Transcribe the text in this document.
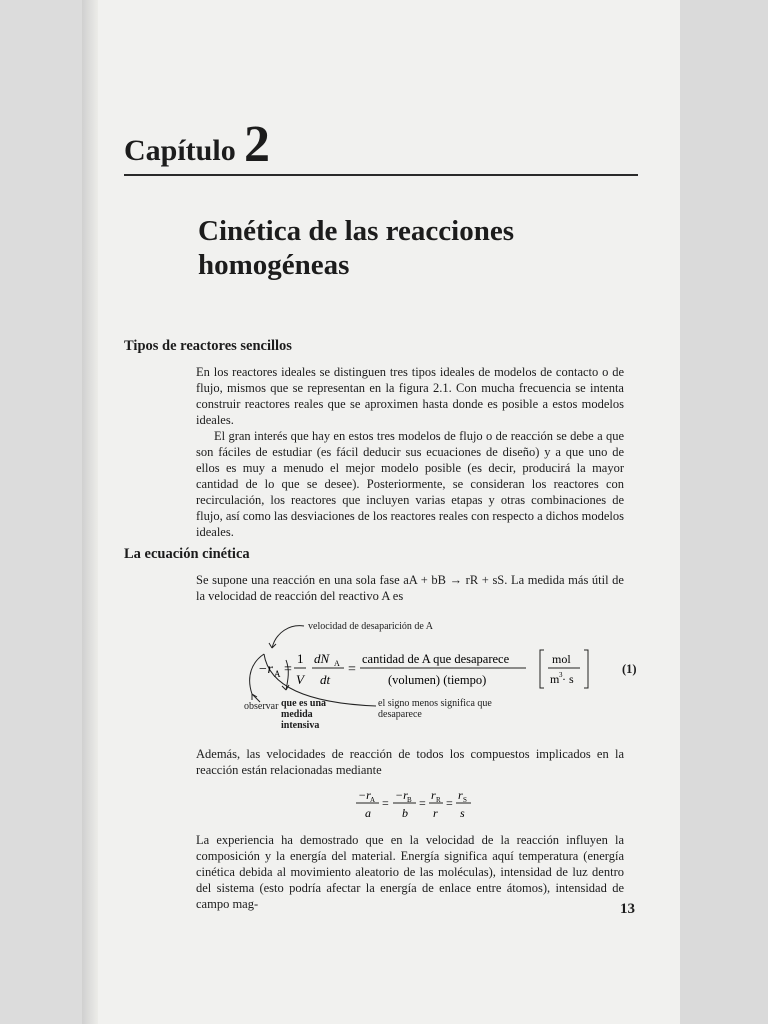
Capítulo 2
Cinética de las reacciones
homogéneas
Tipos de reactores sencillos
En los reactores ideales se distinguen tres tipos ideales de modelos de contacto o de flujo, mismos que se representan en la figura 2.1. Con mucha frecuencia se intenta construir reactores reales que se aproximen hasta donde es posible a estos modelos ideales.
El gran interés que hay en estos tres modelos de flujo o de reacción se debe a que son fáciles de estudiar (es fácil deducir sus ecuaciones de diseño) y a que uno de ellos es muy a menudo el mejor modelo posible (es decir, producirá la mayor cantidad de lo que se desee). Posteriormente, se consideran los reactores con recirculación, los reactores que incluyen varias etapas y otras combinaciones de flujo, así como las desviaciones de los reactores reales con respecto a dichos modelos ideales.
La ecuación cinética
Se supone una reacción en una sola fase aA + bB → rR + sS. La medida más útil de la velocidad de reacción del reactivo A es
velocidad de desaparición de A
observar que es una medida intensiva
el signo menos significa que desaparece
−r A =
1
V
dN A
dt
=
cantidad de A que desaparece
(volumen) (tiempo)
mol
m 3 · s
(1)
Además, las velocidades de reacción de todos los compuestos implicados en la reacción están relacionadas mediante
−r A
a
=
−r B
b
=
r R
r
=
r S
s
La experiencia ha demostrado que en la velocidad de la reacción influyen la composición y la energía del material. Energía significa aquí temperatura (energía cinética debida al movimiento aleatorio de las moléculas), intensidad de luz dentro del sistema (esto podría afectar la energía de enlace entre átomos), intensidad de campo mag-	13
